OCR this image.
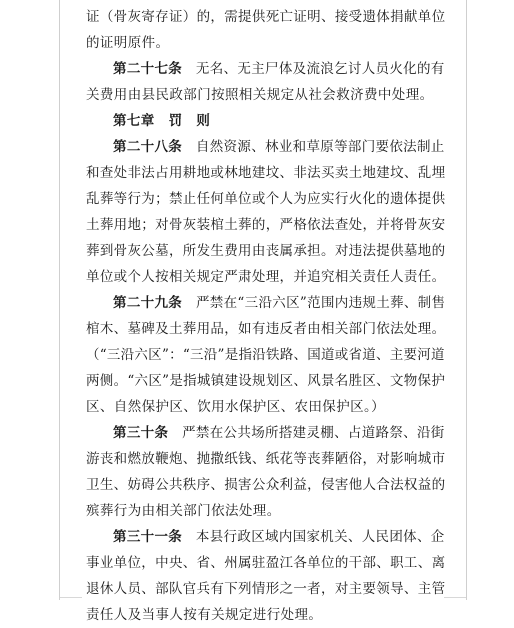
证（骨灰寄存证）的，需提供死亡证明、接受遗体捐献单位
的证明原件。
第二十七条　 无名、无主尸体及流浪乞讨人员火化的有
关费用由县民政部门按照相关规定从社会救济费中处理。
第七章　罚　则
第二十八条　 自然资源、林业和草原等部门要依法制止
和查处非法占用耕地或林地建坟、非法买卖土地建坟、乱埋
乱葬等行为；禁止任何单位或个人为应实行火化的遗体提供
土葬用地；对骨灰装棺土葬的，严格依法查处，并将骨灰安
葬到骨灰公墓，所发生费用由丧属承担。对违法提供墓地的
单位或个人按相关规定严肃处理，并追究相关责任人责任。
第二十九条　 严禁在“三沿六区”范围内违规土葬、制售
棺木、墓碑及土葬用品，如有违反者由相关部门依法处理。
（“三沿六区”：“三沿”是指沿铁路、国道或省道、主要河道
两侧。“六区”是指城镇建设规划区、风景名胜区、文物保护
区、自然保护区、饮用水保护区、农田保护区。）
第三十条　 严禁在公共场所搭建灵棚、占道路祭、沿街
游丧和燃放鞭炮、抛撒纸钱、纸花等丧葬陋俗，对影响城市
卫生、妨碍公共秩序、损害公众利益，侵害他人合法权益的
殡葬行为由相关部门依法处理。
第三十一条　 本县行政区域内国家机关、人民团体、企
事业单位，中央、省、州属驻盈江各单位的干部、职工、离
退休人员、部队官兵有下列情形之一者，对主要领导、主管
责任人及当事人按有关规定进行处理。
